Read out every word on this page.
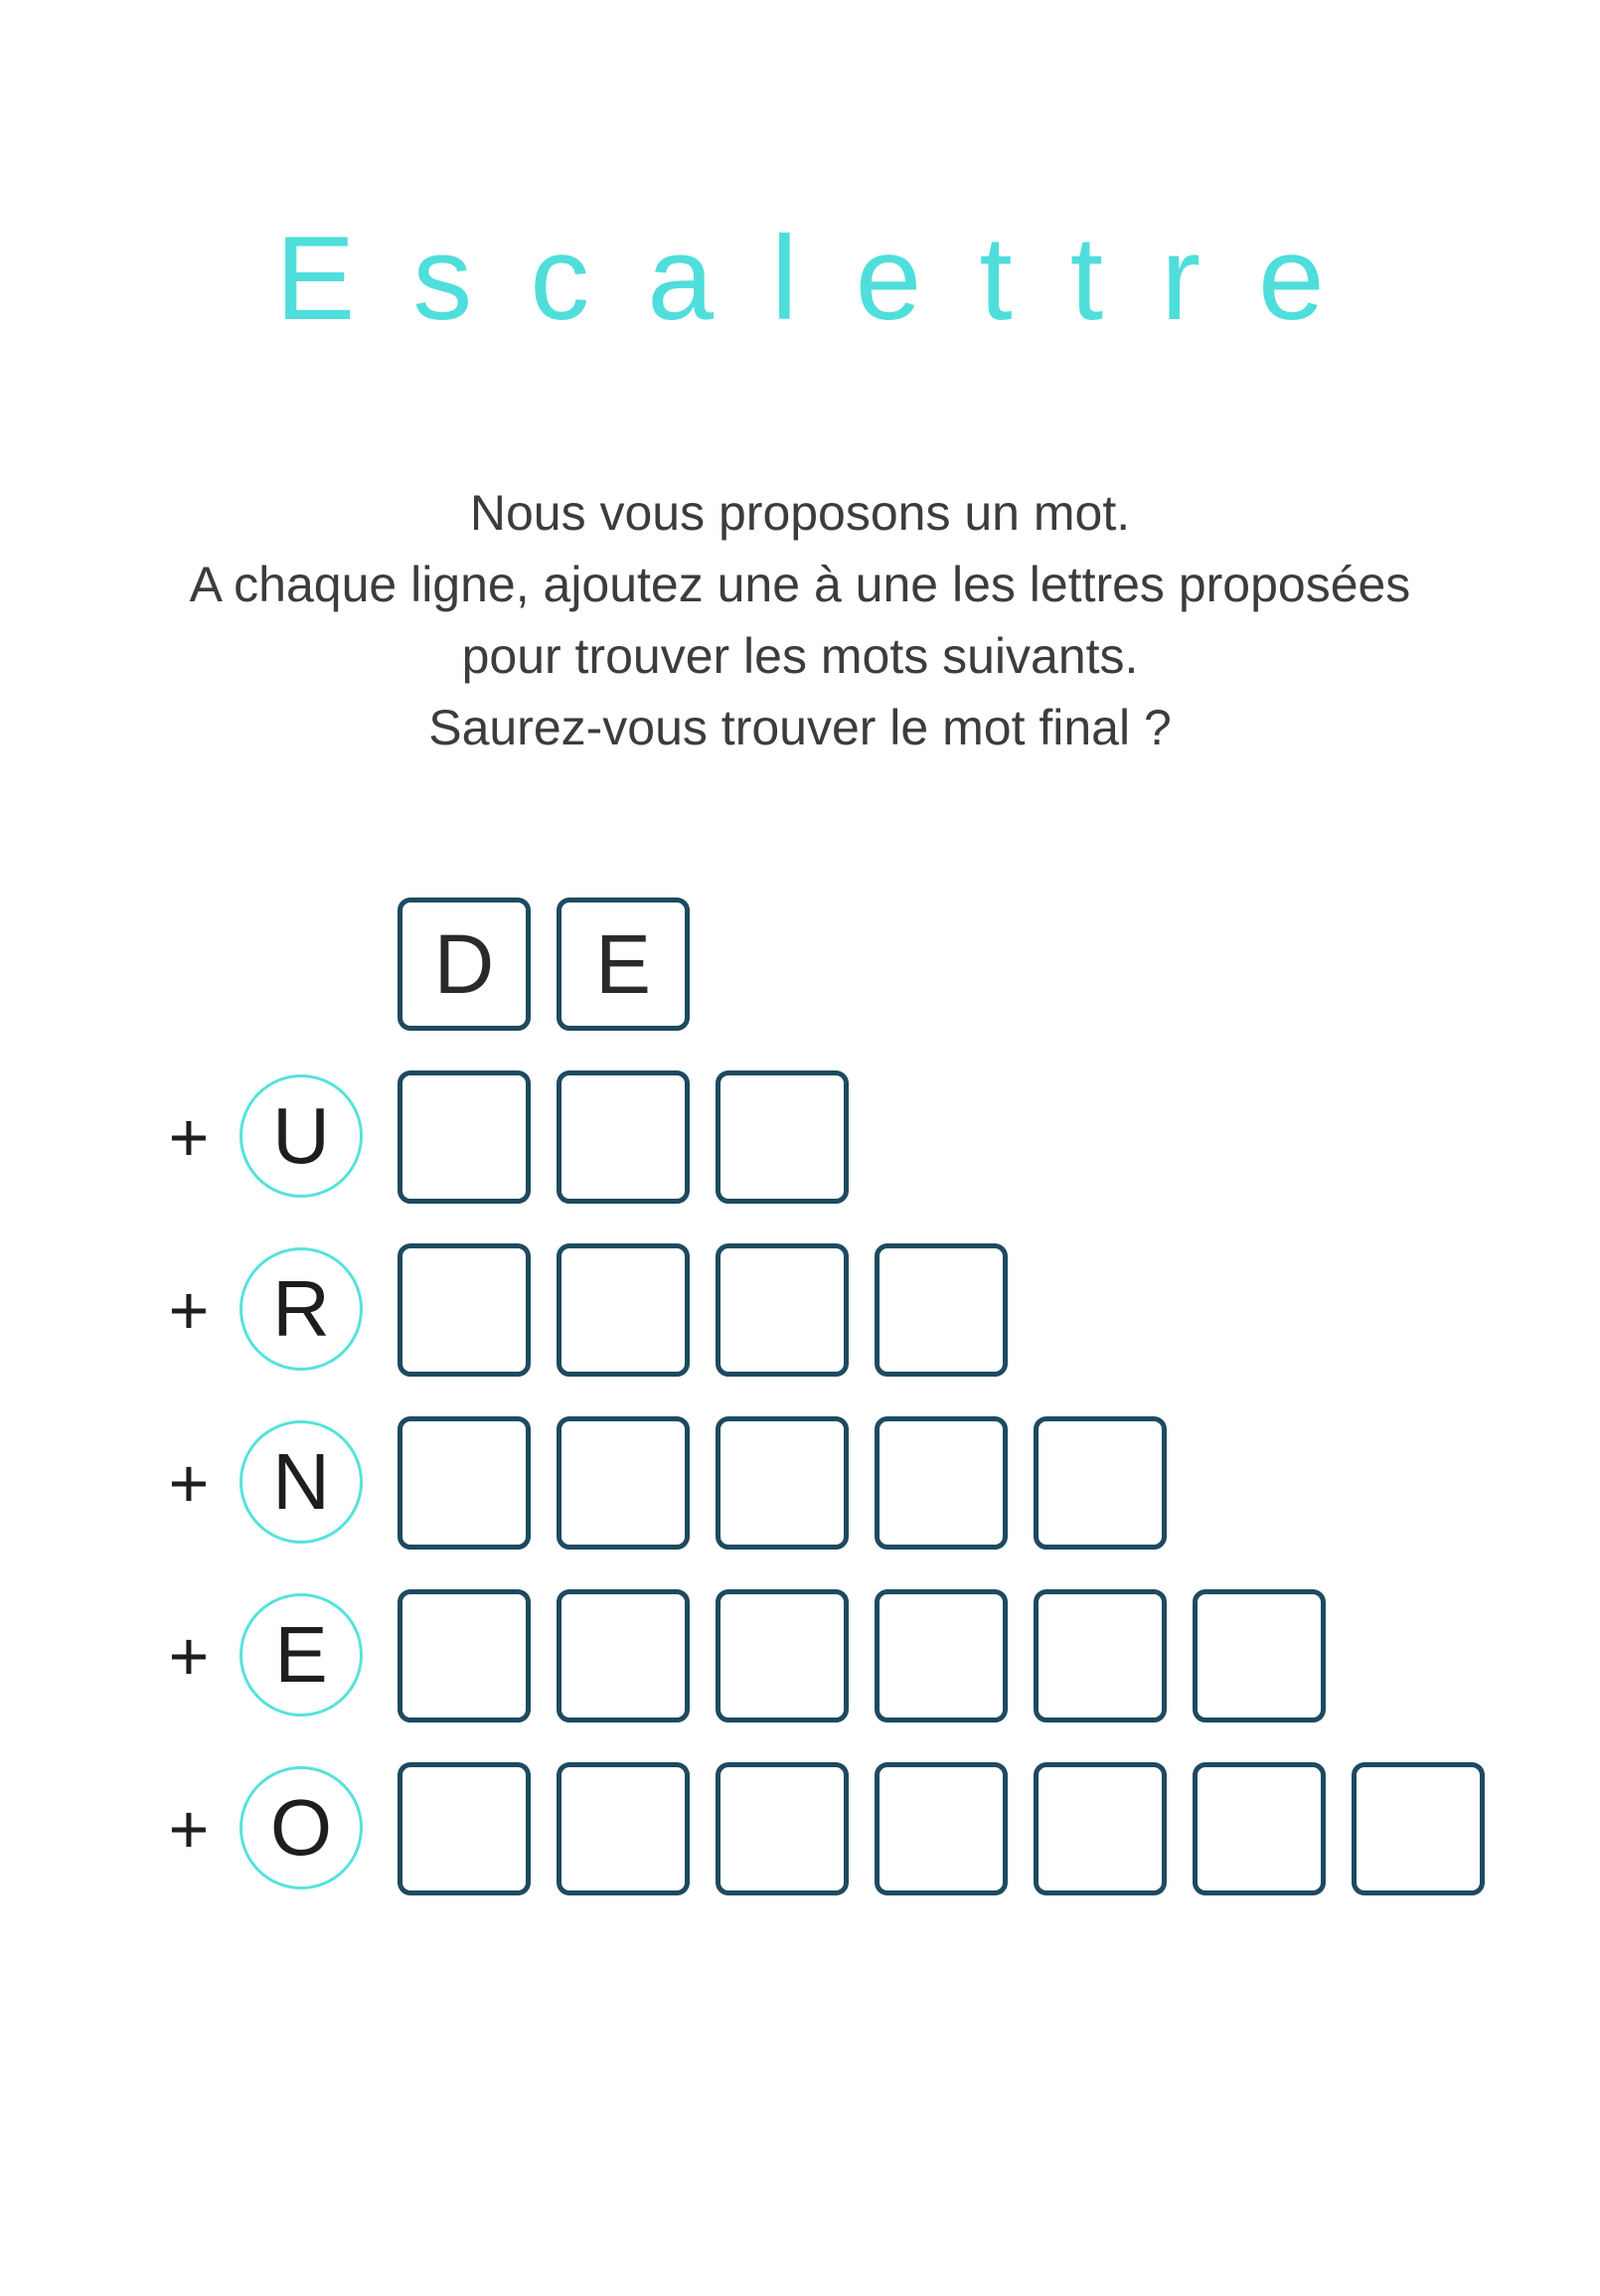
Escalettre
Nous vous proposons un mot.
A chaque ligne, ajoutez une à une les lettres proposées
pour trouver les mots suivants.
Saurez-vous trouver le mot final ?
D	E
+ U
+ R
+ N
+ E
+ O
